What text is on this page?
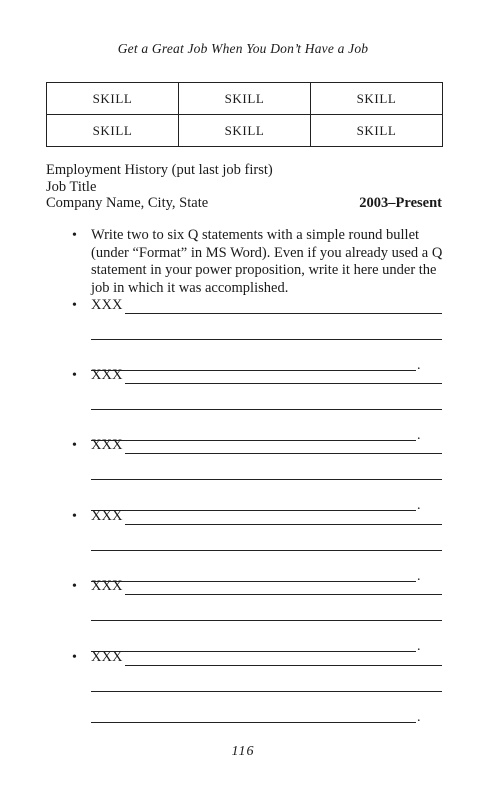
Get a Great Job When You Don’t Have a Job
SKILL	SKILL	SKILL
SKILL	SKILL	SKILL
Employment History (put last job first)
Job Title
Company Name, City, State	2003–Present
• Write two to six Q statements with a simple round bullet (under “Format” in MS Word). Even if you already used a Q statement in your power proposition, write it here under the job in which it was accomplished.
• XXX
.
• XXX
.
• XXX
.
• XXX
.
• XXX
.
• XXX
.
116
